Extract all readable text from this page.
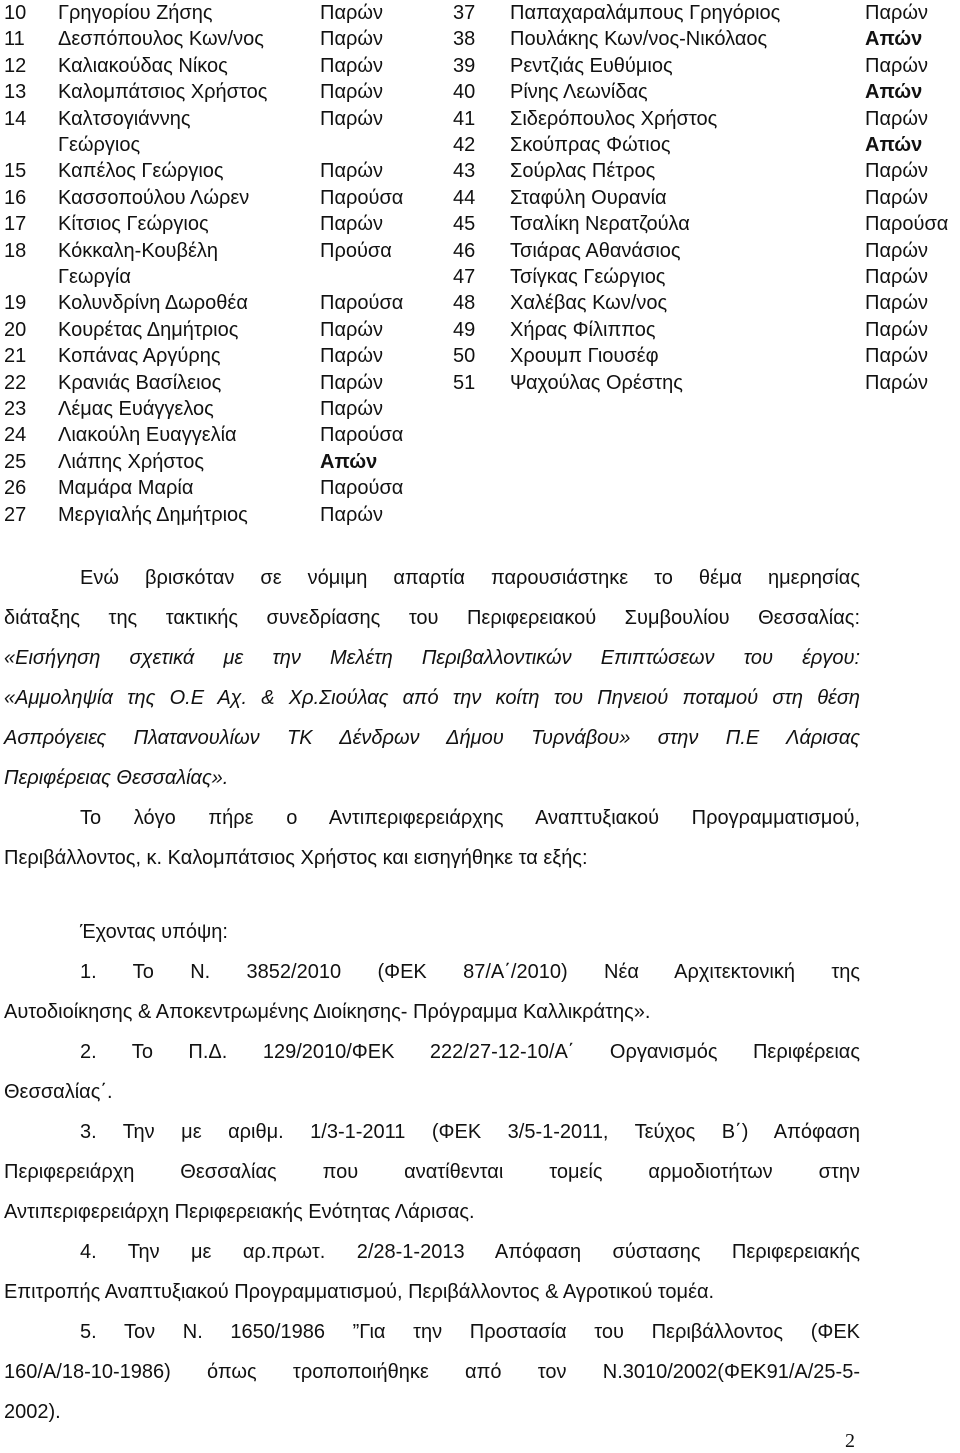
10 Γρηγορίου Ζήσης	Παρών
11 Δεσπόπουλος Κων/νος	Παρών
12 Καλιακούδας Νίκος	Παρών
13 Καλομπάτσιος Χρήστος	Παρών
14 Καλτσογιάννης	Παρών
Γεώργιος
15 Καπέλος Γεώργιος	Παρών
16 Κασσοπούλου Λώρεν	Παρούσα
17 Κίτσιος Γεώργιος	Παρών
18 Κόκκαλη-Κουβέλη	Προύσα
Γεωργία
19 Κολυνδρίνη Δωροθέα	Παρούσα
20 Κουρέτας Δημήτριος	Παρών
21 Κοπάνας Αργύρης	Παρών
22 Κρανιάς Βασίλειος	Παρών
23 Λέμας Ευάγγελος	Παρών
24 Λιακούλη Ευαγγελία	Παρούσα
25 Λιάπης Χρήστος	Απών
26 Μαμάρα Μαρία	Παρούσα
27 Μεργιαλής Δημήτριος	Παρών
37 Παπαχαραλάμπους Γρηγόριος	Παρών
38 Πουλάκης Κων/νος-Νικόλαος	Απών
39 Ρεντζιάς Ευθύμιος	Παρών
40 Ρίνης Λεωνίδας	Απών
41 Σιδερόπουλος Χρήστος	Παρών
42 Σκούπρας Φώτιος	Απών
43 Σούρλας Πέτρος	Παρών
44 Σταφύλη Ουρανία	Παρών
45 Τσαλίκη Νερατζούλα	Παρούσα
46 Τσιάρας Αθανάσιος	Παρών
47 Τσίγκας Γεώργιος	Παρών
48 Χαλέβας Κων/νος	Παρών
49 Χήρας Φίλιππος	Παρών
50 Χρουμπ Γιουσέφ	Παρών
51 Ψαχούλας Ορέστης	Παρών
Ενώ βρισκόταν σε νόμιμη απαρτία παρουσιάστηκε το θέμα ημερησίας
διάταξης της τακτικής συνεδρίασης του Περιφερειακού Συμβουλίου Θεσσαλίας:
«Εισήγηση σχετικά με την Μελέτη Περιβαλλοντικών Επιπτώσεων του έργου:
«Αμμοληψία της Ο.Ε Αχ. & Χρ.Σιούλας από την κοίτη του Πηνειού ποταμού στη θέση
Ασπρόγειες Πλατανουλίων ΤΚ Δένδρων Δήμου Τυρνάβου» στην Π.Ε Λάρισας
Περιφέρειας Θεσσαλίας».
Το λόγο πήρε ο Αντιπεριφερειάρχης Αναπτυξιακού Προγραμματισμού,
Περιβάλλοντος, κ. Καλομπάτσιος Χρήστος και εισηγήθηκε τα εξής:
Έχοντας υπόψη:
1. Το Ν. 3852/2010 (ΦΕΚ 87/Α΄/2010) Νέα Αρχιτεκτονική της
Αυτοδιοίκησης & Αποκεντρωμένης Διοίκησης- Πρόγραμμα Καλλικράτης».
2. Το Π.Δ. 129/2010/ΦΕΚ 222/27-12-10/Α΄ Οργανισμός Περιφέρειας
Θεσσαλίας΄.
3. Την με αριθμ. 1/3-1-2011 (ΦΕΚ 3/5-1-2011, Τεύχος Β΄) Απόφαση
Περιφερειάρχη Θεσσαλίας που ανατίθενται τομείς αρμοδιοτήτων στην
Αντιπεριφερειάρχη Περιφερειακής Ενότητας Λάρισας.
4. Την με αρ.πρωτ. 2/28-1-2013 Απόφαση σύστασης Περιφερειακής
Επιτροπής Αναπτυξιακού Προγραμματισμού, Περιβάλλοντος & Αγροτικού τομέα.
5. Τον Ν. 1650/1986 ”Για την Προστασία του Περιβάλλοντος (ΦΕΚ
160/Α/18-10-1986) όπως τροποποιήθηκε από τον Ν.3010/2002(ΦΕΚ91/Α/25-5-
2002).
2
